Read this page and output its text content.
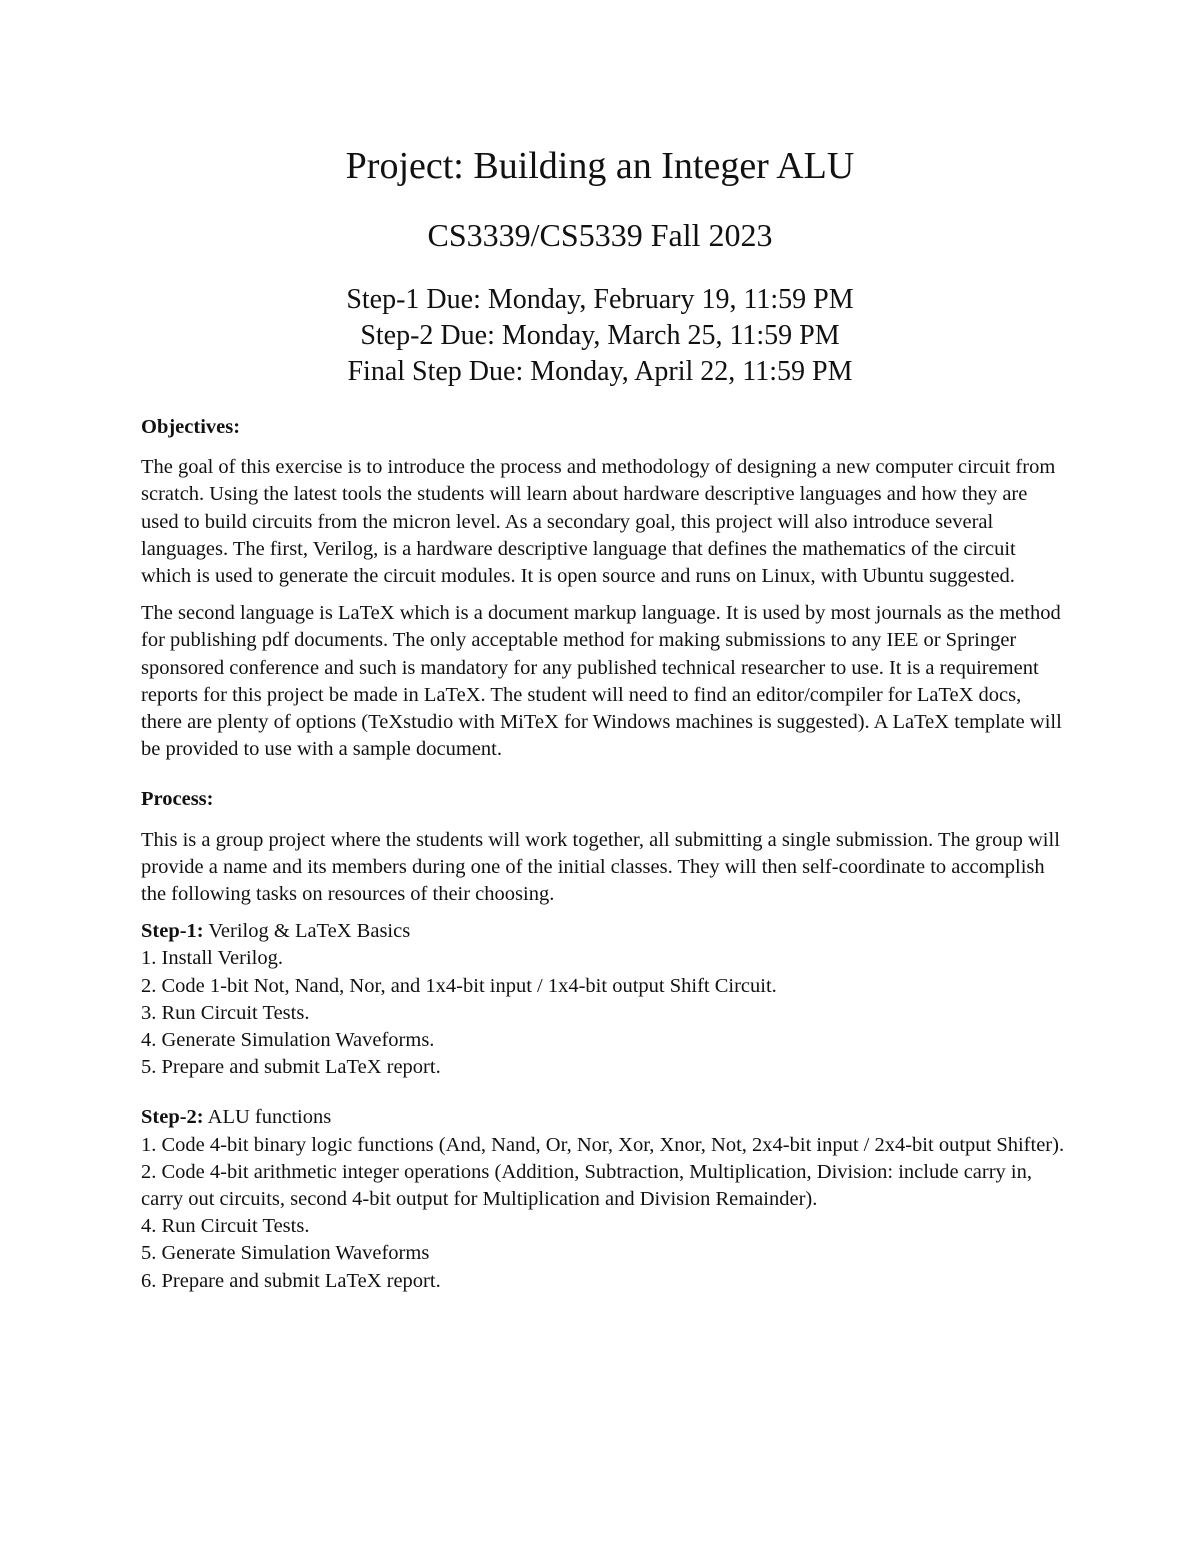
Project: Building an Integer ALU
CS3339/CS5339 Fall 2023
Step-1 Due: Monday, February 19, 11:59 PM
Step-2 Due: Monday, March 25, 11:59 PM
Final Step Due: Monday, April 22, 11:59 PM

Objectives:

The goal of this exercise is to introduce the process and methodology of designing a new computer circuit from scratch. Using the latest tools the students will learn about hardware descriptive languages and how they are used to build circuits from the micron level. As a secondary goal, this project will also introduce several languages. The first, Verilog, is a hardware descriptive language that defines the mathematics of the circuit which is used to generate the circuit modules. It is open source and runs on Linux, with Ubuntu suggested.

The second language is LaTeX which is a document markup language. It is used by most journals as the method for publishing pdf documents. The only acceptable method for making submissions to any IEE or Springer sponsored conference and such is mandatory for any published technical researcher to use. It is a requirement reports for this project be made in LaTeX. The student will need to find an editor/compiler for LaTeX docs, there are plenty of options (TeXstudio with MiTeX for Windows machines is suggested). A LaTeX template will be provided to use with a sample document.

Process:

This is a group project where the students will work together, all submitting a single submission. The group will provide a name and its members during one of the initial classes. They will then self-coordinate to accomplish the following tasks on resources of their choosing.

Step-1: Verilog & LaTeX Basics

1. Install Verilog.

2. Code 1-bit Not, Nand, Nor, and 1x4-bit input / 1x4-bit output Shift Circuit.

3. Run Circuit Tests.

4. Generate Simulation Waveforms.

5. Prepare and submit LaTeX report.

Step-2: ALU functions

1. Code 4-bit binary logic functions (And, Nand, Or, Nor, Xor, Xnor, Not, 2x4-bit input / 2x4-bit output Shifter).

2. Code 4-bit arithmetic integer operations (Addition, Subtraction, Multiplication, Division: include carry in, carry out circuits, second 4-bit output for Multiplication and Division Remainder).

4. Run Circuit Tests.

5. Generate Simulation Waveforms

6. Prepare and submit LaTeX report.
